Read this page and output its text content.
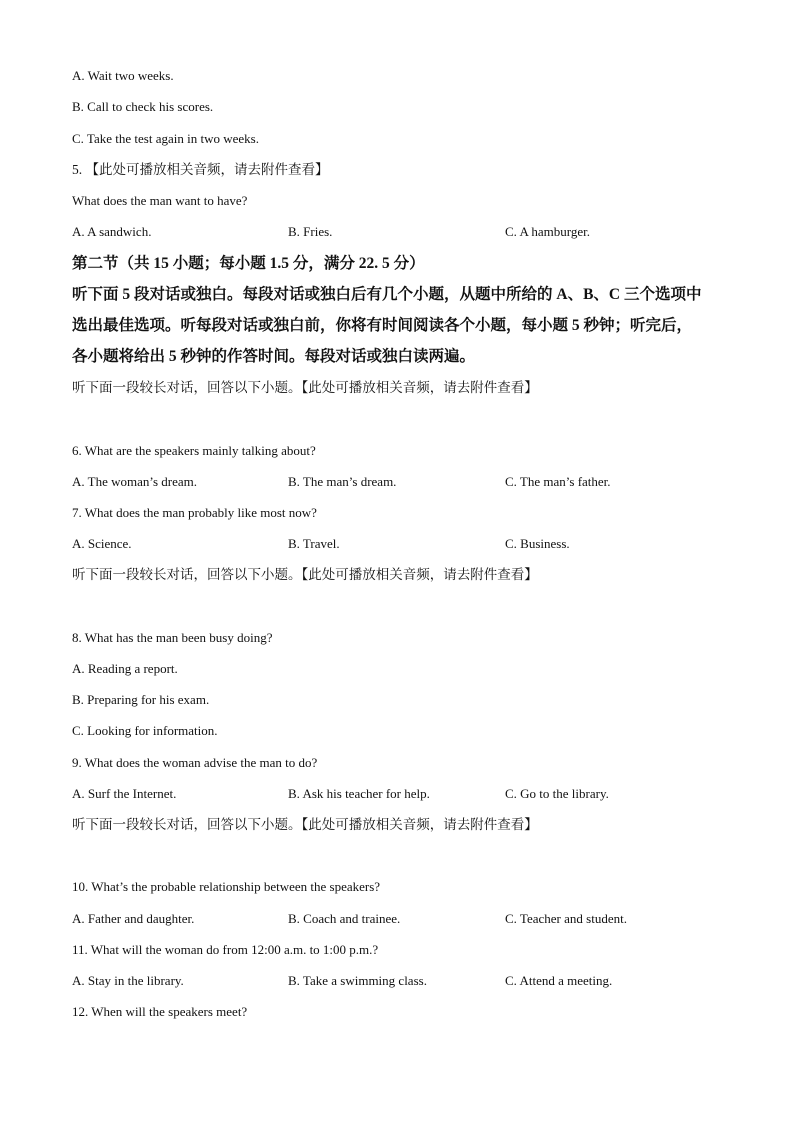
A. Wait two weeks.
B. Call to check his scores.
C. Take the test again in two weeks.
5. 【此处可播放相关音频，请去附件查看】
What does the man want to have?
A. A sandwich.	B. Fries.	C. A hamburger.
第二节（共 15 小题；每小题 1.5 分，满分 22. 5 分）
听下面 5 段对话或独白。每段对话或独白后有几个小题，从题中所给的 A、B、C 三个选项中
选出最佳选项。听每段对话或独白前，你将有时间阅读各个小题，每小题 5 秒钟；听完后，
各小题将给出 5 秒钟的作答时间。每段对话或独白读两遍。
听下面一段较长对话，回答以下小题。【此处可播放相关音频，请去附件查看】
6. What are the speakers mainly talking about?
A. The woman’s dream.	B. The man’s dream.	C. The man’s father.
7. What does the man probably like most now?
A. Science.	B. Travel.	C. Business.
听下面一段较长对话，回答以下小题。【此处可播放相关音频，请去附件查看】
8. What has the man been busy doing?
A. Reading a report.
B. Preparing for his exam.
C. Looking for information.
9. What does the woman advise the man to do?
A. Surf the Internet.	B. Ask his teacher for help.	C. Go to the library.
听下面一段较长对话，回答以下小题。【此处可播放相关音频，请去附件查看】
10. What’s the probable relationship between the speakers?
A. Father and daughter.	B. Coach and trainee.	C. Teacher and student.
11. What will the woman do from 12:00 a.m. to 1:00 p.m.?
A. Stay in the library.	B. Take a swimming class.	C. Attend a meeting.
12. When will the speakers meet?
